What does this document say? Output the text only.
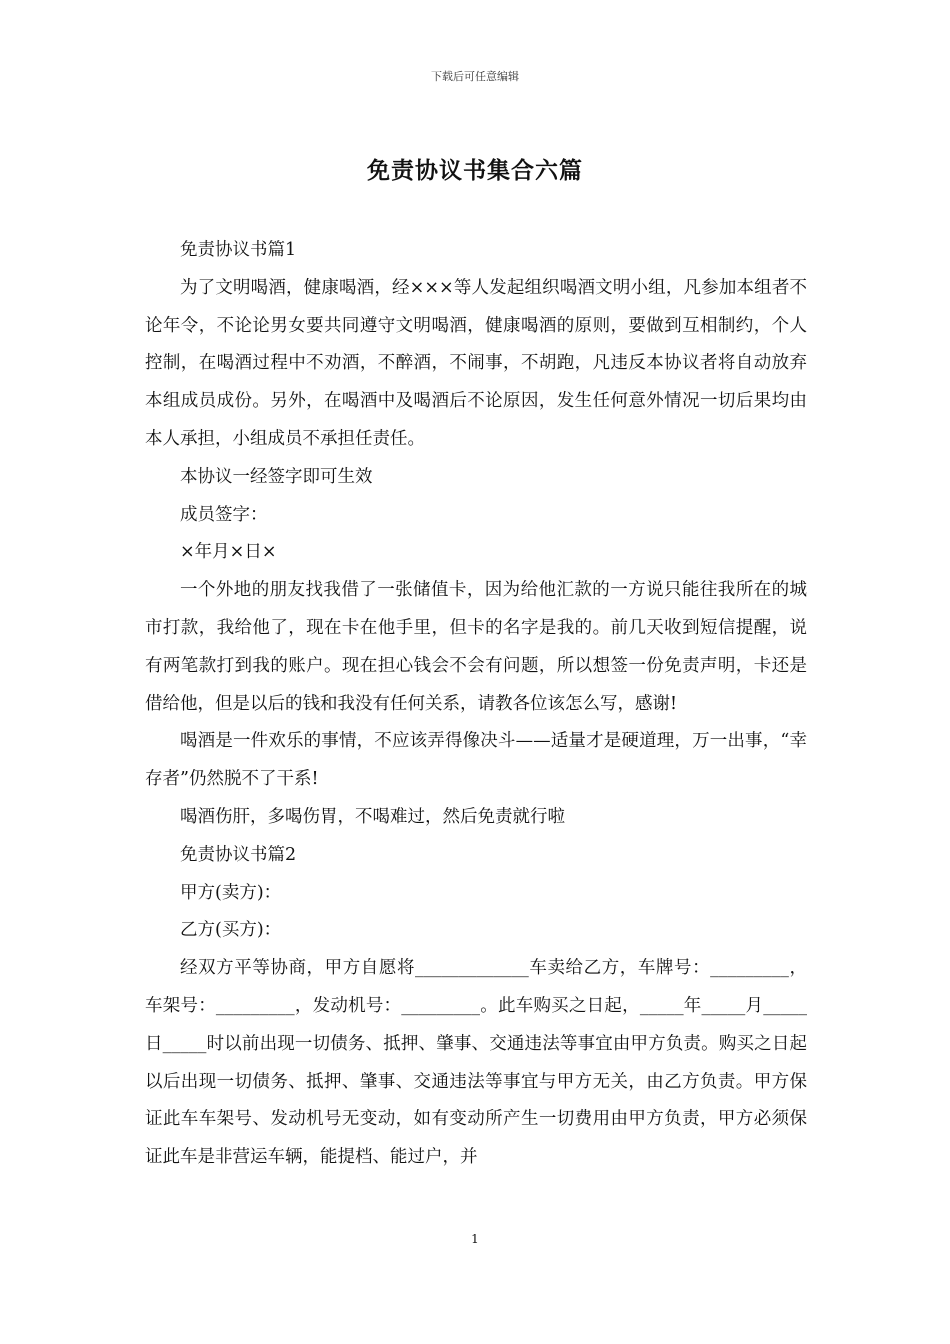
下载后可任意编辑
免责协议书集合六篇

免责协议书篇1

为了文明喝酒，健康喝酒，经×××等人发起组织喝酒文明小组，凡参加本组者不论年令，不论论男女要共同遵守文明喝酒，健康喝酒的原则，要做到互相制约，个人控制，在喝酒过程中不劝酒，不醉酒，不闹事，不胡跑，凡违反本协议者将自动放弃本组成员成份。另外，在喝酒中及喝酒后不论原因，发生任何意外情况一切后果均由本人承担，小组成员不承担任责任。

本协议一经签字即可生效

成员签字：

×年月×日×

一个外地的朋友找我借了一张储值卡，因为给他汇款的一方说只能往我所在的城市打款，我给他了，现在卡在他手里，但卡的名字是我的。前几天收到短信提醒，说有两笔款打到我的账户。现在担心钱会不会有问题，所以想签一份免责声明，卡还是借给他，但是以后的钱和我没有任何关系，请教各位该怎么写，感谢!

喝酒是一件欢乐的事情，不应该弄得像决斗——适量才是硬道理，万一出事，“幸存者”仍然脱不了干系!

喝酒伤肝，多喝伤胃，不喝难过，然后免责就行啦

免责协议书篇2

甲方(卖方)：

乙方(买方)：

经双方平等协商，甲方自愿将_____________车卖给乙方，车牌号：_________，车架号：_________，发动机号：_________。此车购买之日起，_____年_____月_____日_____时以前出现一切债务、抵押、肇事、交通违法等事宜由甲方负责。购买之日起以后出现一切债务、抵押、肇事、交通违法等事宜与甲方无关，由乙方负责。甲方保证此车车架号、发动机号无变动，如有变动所产生一切费用由甲方负责，甲方必须保证此车是非营运车辆，能提档、能过户，并

1
